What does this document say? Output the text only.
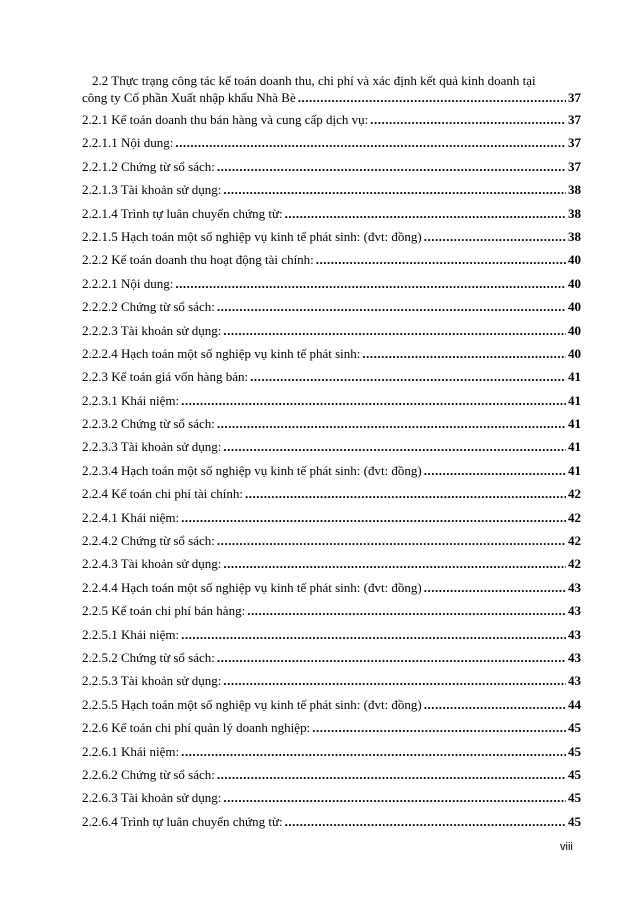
2.2 Thực trạng công tác kế toán doanh thu, chi phí và xác định kết quả kinh doanh tại
công ty Cổ phần Xuất nhập khẩu Nhà Bè .....	37
2.2.1 Kế toán doanh thu bán hàng và cung cấp dịch vụ: .....	37
2.2.1.1 Nội dung: .....	37
2.2.1.2 Chứng từ sổ sách: .....	37
2.2.1.3 Tài khoản sử dụng: .....	38
2.2.1.4 Trình tự luân chuyển chứng từ: .....	38
2.2.1.5 Hạch toán một số nghiệp vụ kinh tế phát sinh: (đvt: đồng) .....	38
2.2.2 Kế toán doanh thu hoạt động tài chính: .....	40
2.2.2.1 Nội dung: .....	40
2.2.2.2 Chứng từ sổ sách: .....	40
2.2.2.3 Tài khoản sử dụng: .....	40
2.2.2.4 Hạch toán một số nghiệp vụ kinh tế phát sinh: .....	40
2.2.3 Kế toán giá vốn hàng bán: .....	41
2.2.3.1 Khái niệm: .....	41
2.2.3.2 Chứng từ sổ sách: .....	41
2.2.3.3 Tài khoản sử dụng: .....	41
2.2.3.4 Hạch toán một số nghiệp vụ kinh tế phát sinh: (đvt: đồng) .....	41
2.2.4 Kế toán chi phí tài chính: .....	42
2.2.4.1 Khái niệm: .....	42
2.2.4.2 Chứng từ sổ sách: .....	42
2.2.4.3 Tài khoản sử dụng: .....	42
2.2.4.4 Hạch toán một số nghiệp vụ kinh tế phát sinh: (đvt: đồng) .....	43
2.2.5 Kế toán chi phí bán hàng: .....	43
2.2.5.1 Khái niệm: .....	43
2.2.5.2 Chứng từ sổ sách: .....	43
2.2.5.3 Tài khoản sử dụng: .....	43
2.2.5.5 Hạch toán một số nghiệp vụ kinh tế phát sinh: (đvt: đồng) .....	44
2.2.6 Kế toán chi phí quản lý doanh nghiệp: .....	45
2.2.6.1 Khái niệm: .....	45
2.2.6.2 Chứng từ sổ sách: .....	45
2.2.6.3 Tài khoản sử dụng: .....	45
2.2.6.4 Trình tự luân chuyển chứng từ: .....	45
viii
